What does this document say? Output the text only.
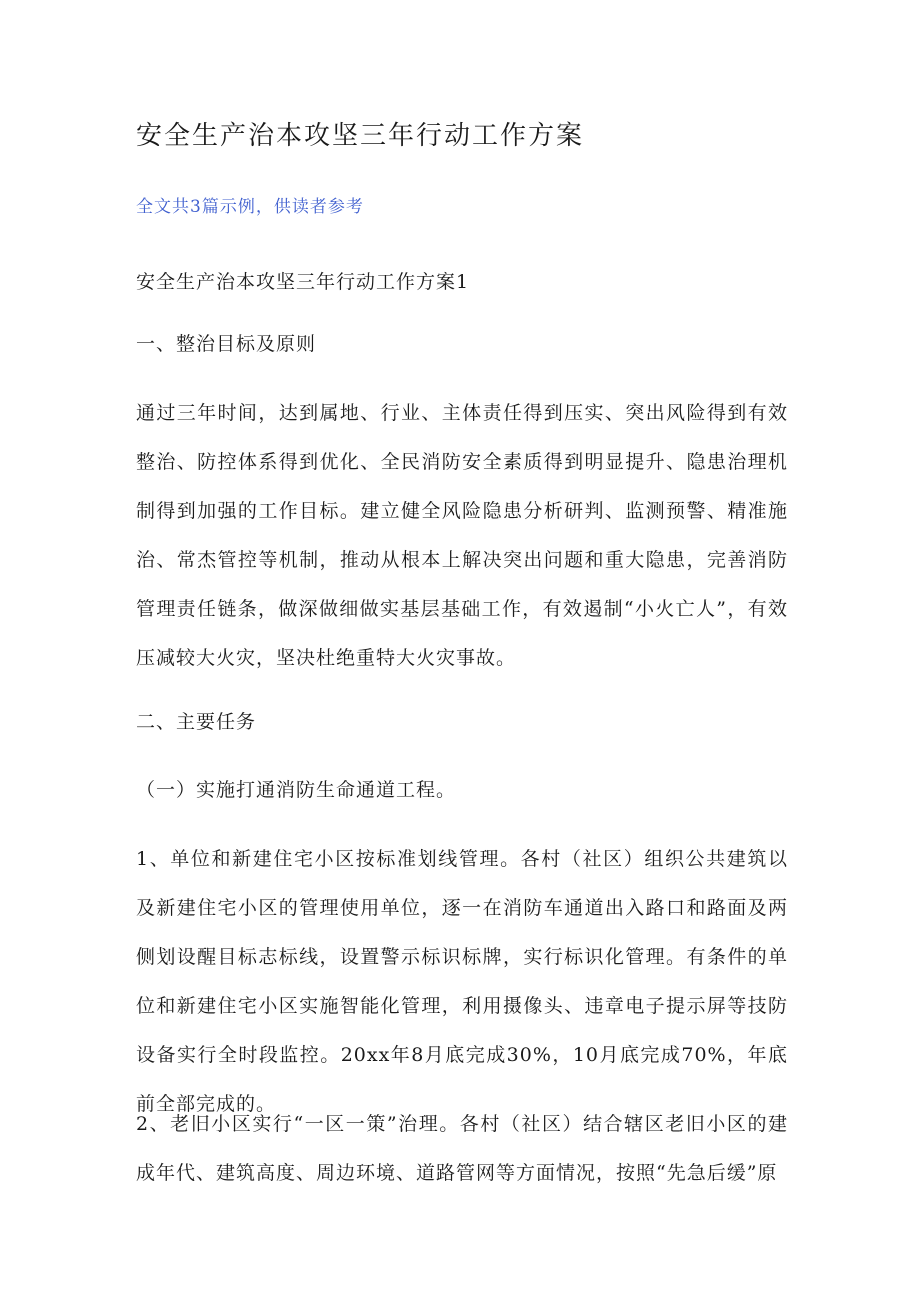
安全生产治本攻坚三年行动工作方案

全文共3篇示例，供读者参考

安全生产治本攻坚三年行动工作方案1

一、整治目标及原则

通过三年时间，达到属地、行业、主体责任得到压实、突出风险得到有效整治、防控体系得到优化、全民消防安全素质得到明显提升、隐患治理机制得到加强的工作目标。建立健全风险隐患分析研判、监测预警、精准施治、常杰管控等机制，推动从根本上解决突出问题和重大隐患，完善消防管理责任链条，做深做细做实基层基础工作，有效遏制“小火亡人”，有效压减较大火灾，坚决杜绝重特大火灾事故。

二、主要任务

（一）实施打通消防生命通道工程。

1、单位和新建住宅小区按标准划线管理。各村（社区）组织公共建筑以及新建住宅小区的管理使用单位，逐一在消防车通道出入路口和路面及两侧划设醒目标志标线，设置警示标识标牌，实行标识化管理。有条件的单位和新建住宅小区实施智能化管理，利用摄像头、违章电子提示屏等技防设备实行全时段监控。20xx年8月底完成30%，10月底完成70%，年底前全部完成的。

2、老旧小区实行“一区一策”治理。各村（社区）结合辖区老旧小区的建成年代、建筑高度、周边环境、道路管网等方面情况，按照“先急后缓”原
